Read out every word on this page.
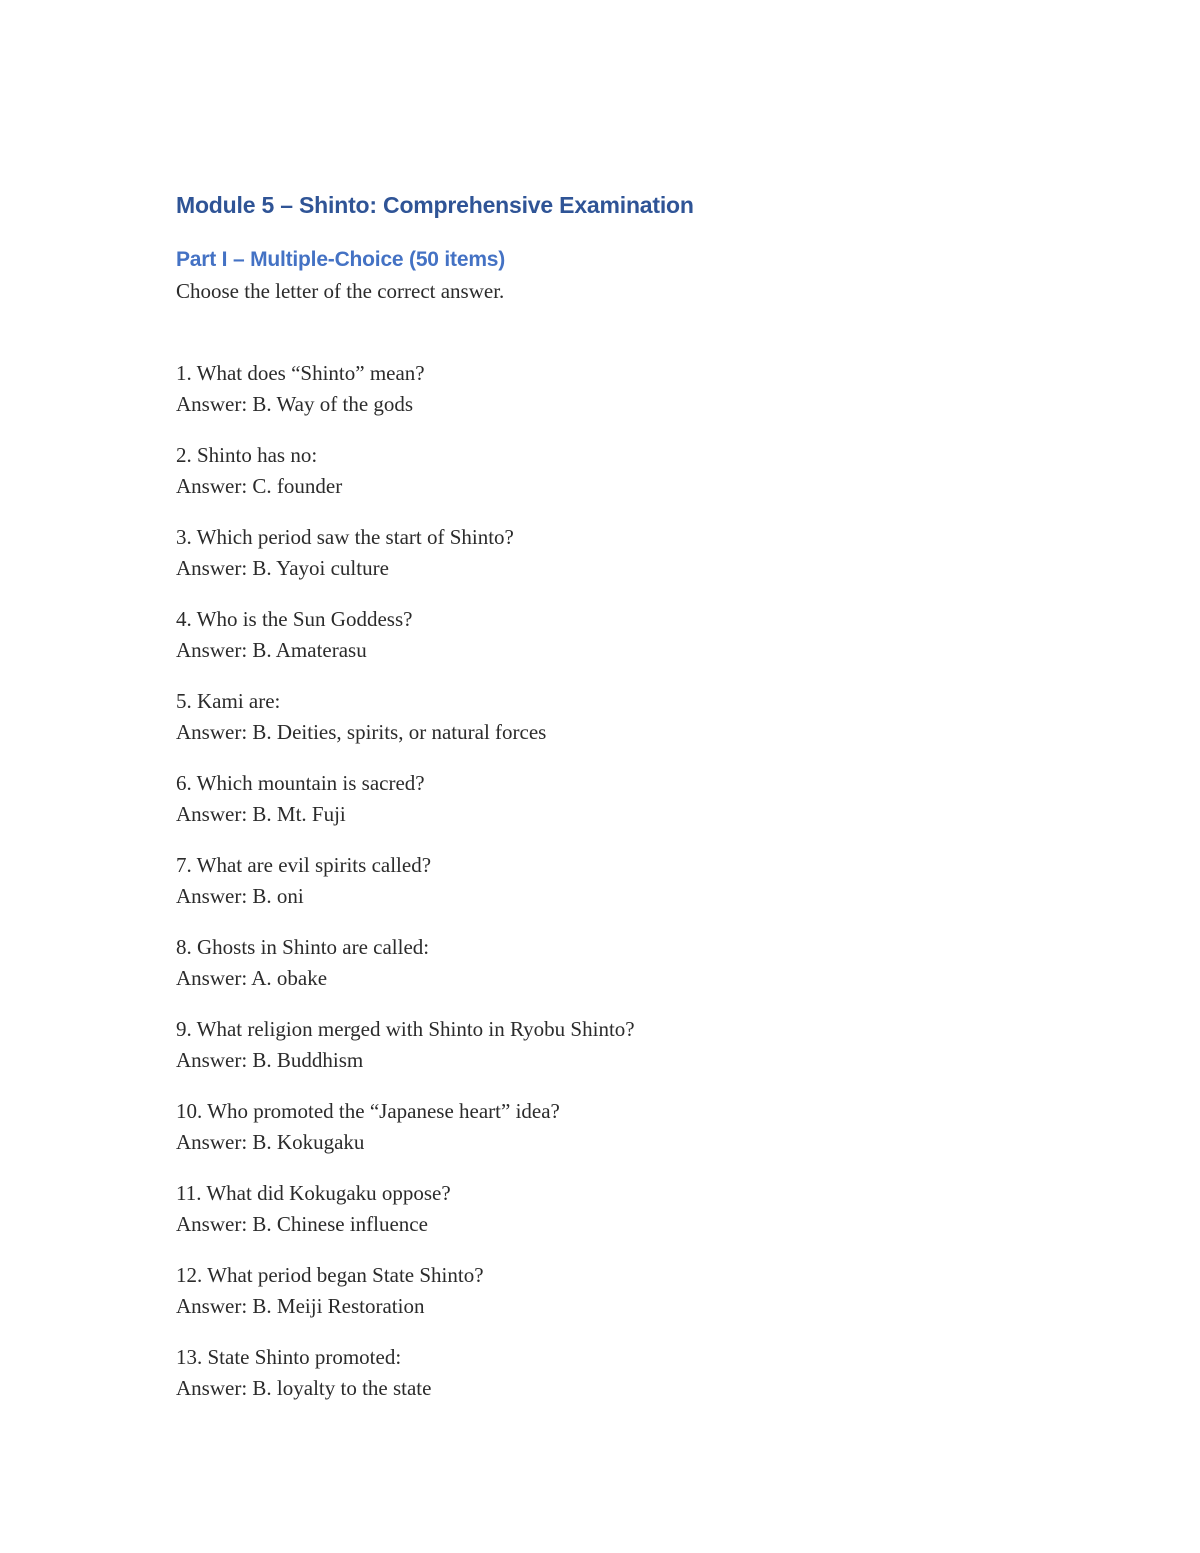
Module 5 – Shinto: Comprehensive Examination
Part I – Multiple-Choice (50 items)

Choose the letter of the correct answer.

1. What does “Shinto” mean?

Answer: B. Way of the gods

2. Shinto has no:

Answer: C. founder

3. Which period saw the start of Shinto?

Answer: B. Yayoi culture

4. Who is the Sun Goddess?

Answer: B. Amaterasu

5. Kami are:

Answer: B. Deities, spirits, or natural forces

6. Which mountain is sacred?

Answer: B. Mt. Fuji

7. What are evil spirits called?

Answer: B. oni

8. Ghosts in Shinto are called:

Answer: A. obake

9. What religion merged with Shinto in Ryobu Shinto?

Answer: B. Buddhism

10. Who promoted the “Japanese heart” idea?

Answer: B. Kokugaku

11. What did Kokugaku oppose?

Answer: B. Chinese influence

12. What period began State Shinto?

Answer: B. Meiji Restoration

13. State Shinto promoted:

Answer: B. loyalty to the state
